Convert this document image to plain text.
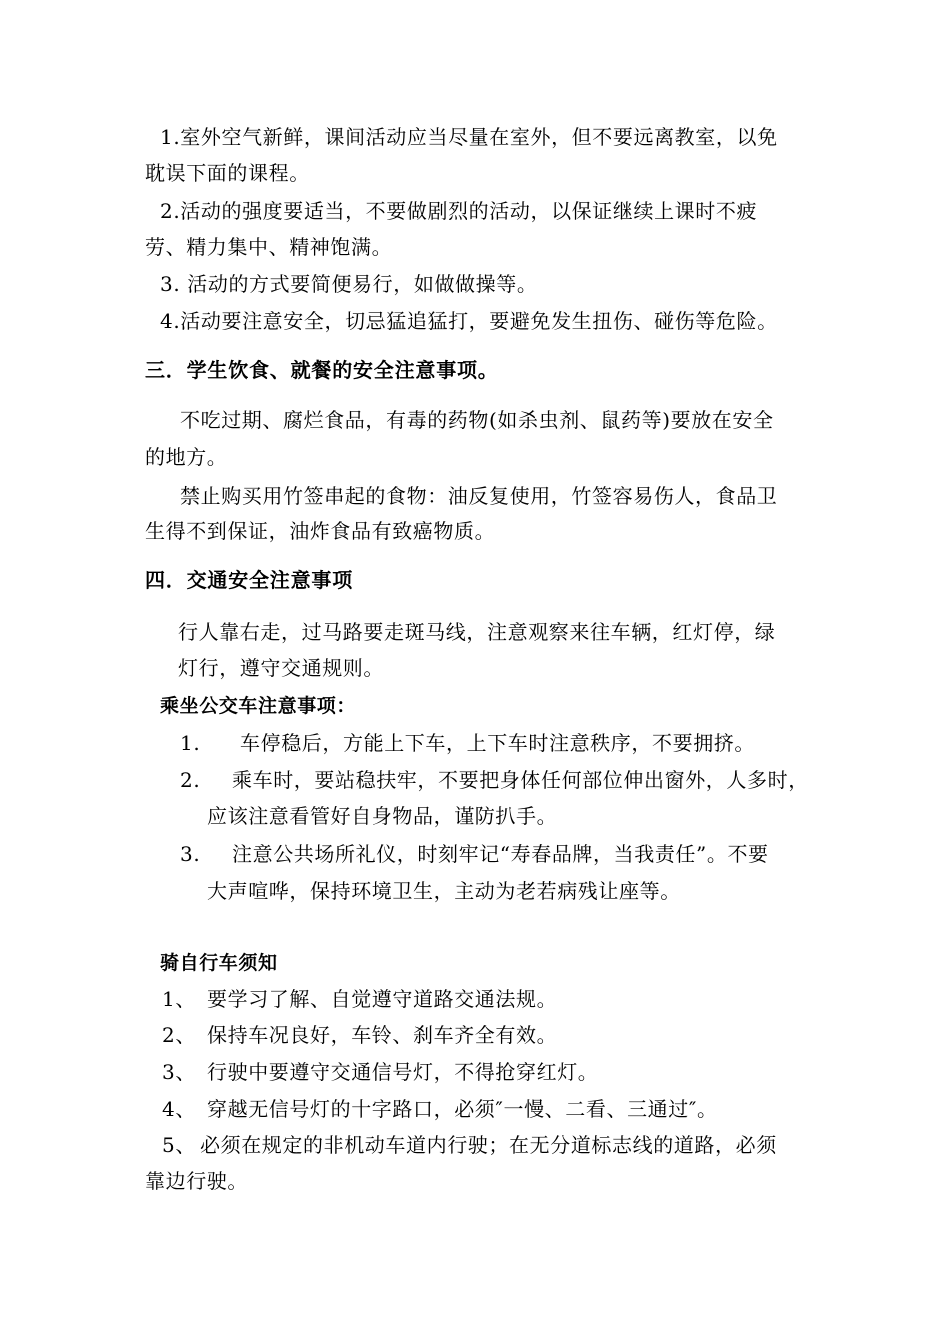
1.室外空气新鲜，课间活动应当尽量在室外，但不要远离教室，以免
耽误下面的课程。
2.活动的强度要适当，不要做剧烈的活动，以保证继续上课时不疲
劳、精力集中、精神饱满。
3. 活动的方式要简便易行，如做做操等。
4.活动要注意安全，切忌猛追猛打，要避免发生扭伤、碰伤等危险。
三．学生饮食、就餐的安全注意事项。
不吃过期、腐烂食品，有毒的药物(如杀虫剂、鼠药等)要放在安全
的地方。
禁止购买用竹签串起的食物：油反复使用，竹签容易伤人，食品卫
生得不到保证，油炸食品有致癌物质。
四．交通安全注意事项
行人靠右走，过马路要走斑马线，注意观察来往车辆，红灯停，绿
灯行，遵守交通规则。
乘坐公交车注意事项：
1. 车停稳后，方能上下车，上下车时注意秩序，不要拥挤。
2. 乘车时，要站稳扶牢，不要把身体任何部位伸出窗外，人多时，
应该注意看管好自身物品，谨防扒手。
3. 注意公共场所礼仪，时刻牢记“寿春品牌，当我责任”。不要
大声喧哗，保持环境卫生，主动为老若病残让座等。
骑自行车须知
1、 要学习了解、自觉遵守道路交通法规。
2、 保持车况良好，车铃、刹车齐全有效。
3、 行驶中要遵守交通信号灯，不得抢穿红灯。
4、 穿越无信号灯的十字路口，必须″一慢、二看、三通过″。
5、 必须在规定的非机动车道内行驶；在无分道标志线的道路，必须
靠边行驶。
